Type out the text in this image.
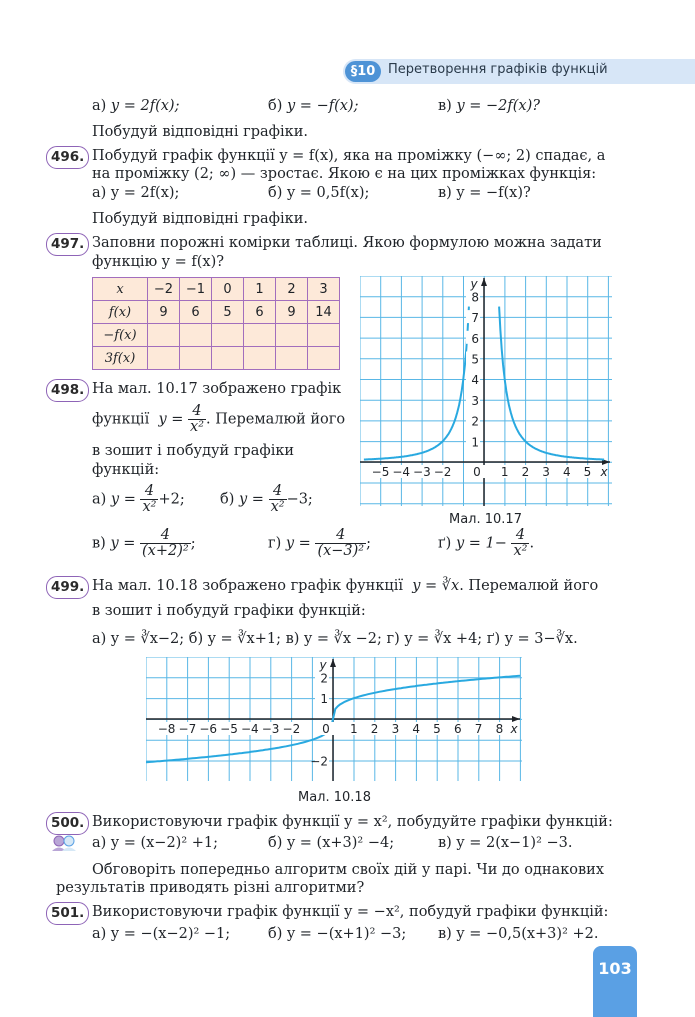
§10 Перетворення графіків функцій
а) y = 2f(x);	б) y = −f(x);	в) y = −2f(x)?
Побудуй відповідні графіки.
496. Побудуй графік функції y = f(x), яка на проміжку (−∞; 2) спадає, а
на проміжку (2; ∞) — зростає. Якою є на цих проміжках функція:
а) y = 2f(x);	б) y = 0,5f(x);	в) y = −f(x)?
Побудуй відповідні графіки.
497. Заповни порожні комірки таблиці. Якою формулою можна задати
функцію y = f(x)?
x	−2	−1	0	1	2	3
f(x)	9	6	5	6	9	14
−f(x)						
3f(x)						
−5 −4 −3 −2 0 1 2 3 4 5
1
2
3
4
5
6
7
8
x
y
Мал. 10.17
498. На мал. 10.17 зображено графік
функції $y = \frac{4}{\text{x²}}$ . Перемалюй його
в зошит і побудуй графіки
функцій:
а) $y = \frac{4}{\text{x²}} +2$; б) $y = \frac{4}{\text{x²}} -3$;
в) $y = \frac{4}{\text{(x+2)²}}$ ;	г) $y = \frac{4}{\text{(x−3)²}}$ ;	ґ) $y = 1- \frac{4}{\text{x²}}$ .
499. На мал. 10.18 зображено графік функції y = ∛x. Перемалюй його
в зошит і побудуй графіки функцій:
а) y = ∛x−2; б) y = ∛x+1; в) y = ∛x −2; г) y = ∛x +4; ґ) y = 3−∛x.
−8 −7 −6 −5 −4 −3 −2 0 1 2 3 4 5 6 7 8
2
1
−2
x
y
Мал. 10.18
500. Використовуючи графік функції y = x², побудуйте графіки функцій:
а) y = (x−2)² +1;	б) y = (x+3)² −4;	в) y = 2(x−1)² −3.
Обговоріть попередньо алгоритм своїх дій у парі. Чи до однакових
результатів приводять різні алгоритми?
501. Використовуючи графік функції y = −x², побудуй графіки функцій:
а) y = −(x−2)² −1;	б) y = −(x+1)² −3; в) y = −0,5(x+3)² +2.
103
